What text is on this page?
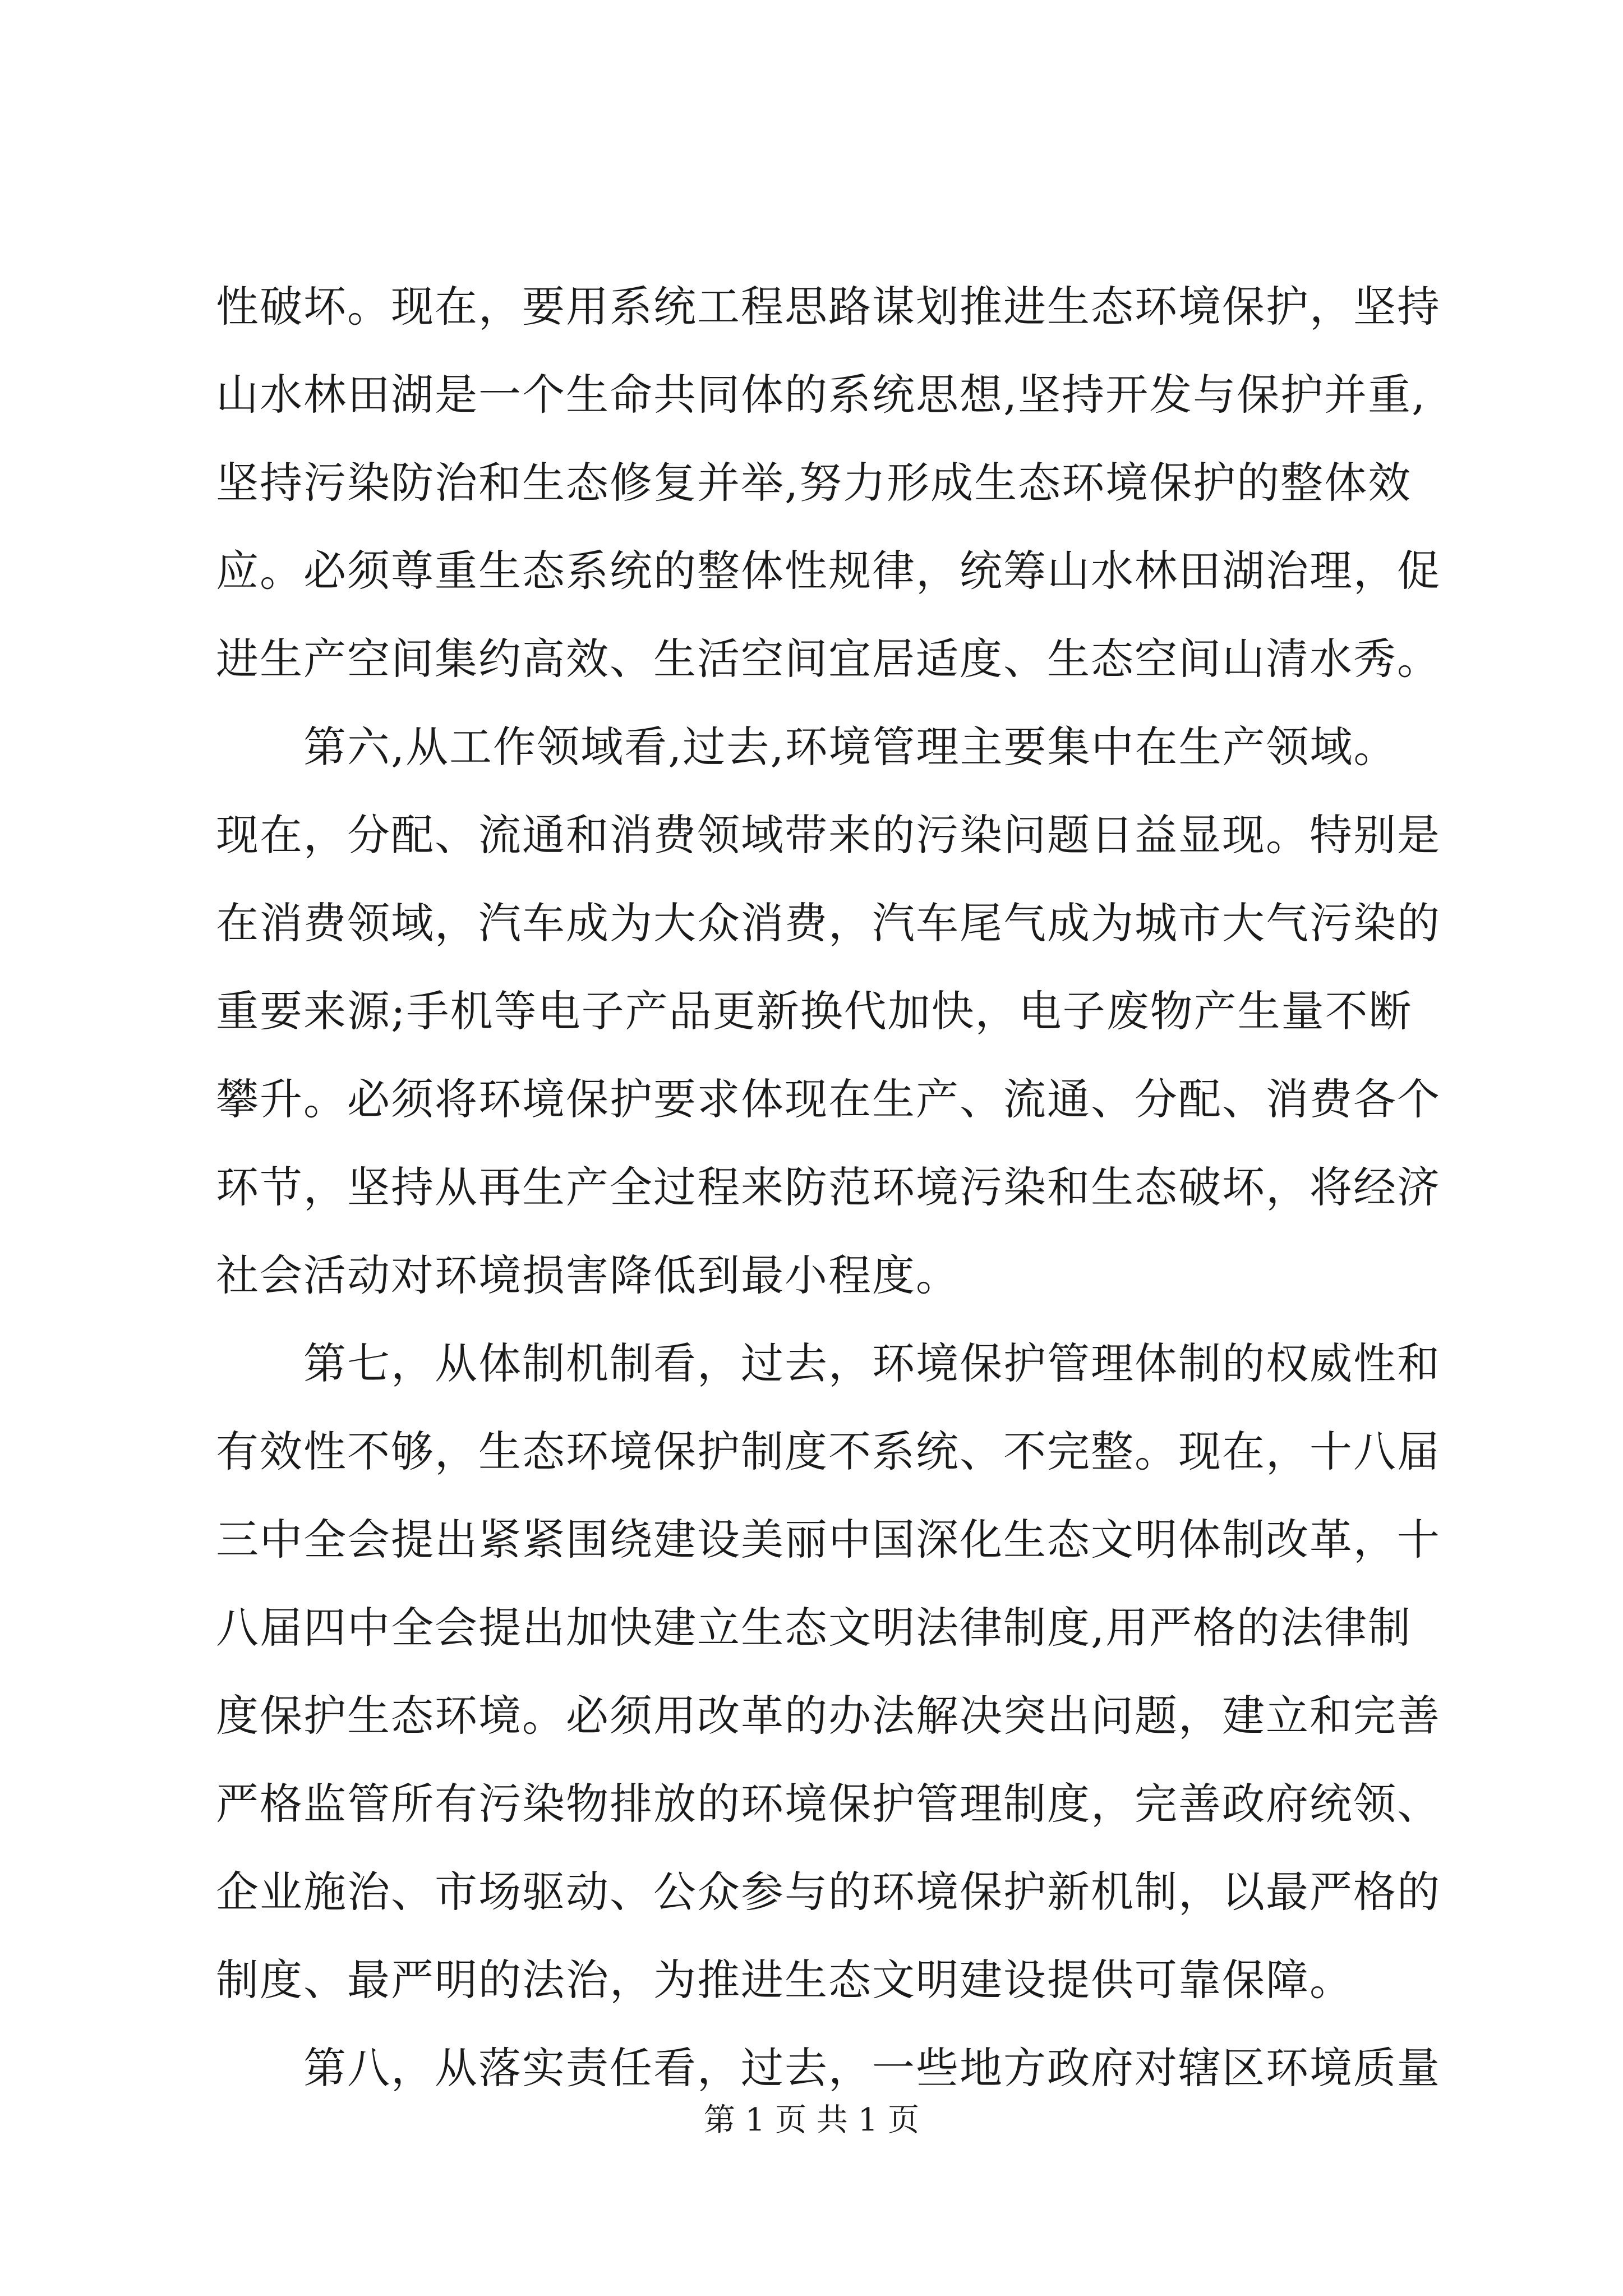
性破坏。现在，要用系统工程思路谋划推进生态环境保护，坚持
山水林田湖是一个生命共同体的系统思想,坚持开发与保护并重,
坚持污染防治和生态修复并举,努力形成生态环境保护的整体效
应。必须尊重生态系统的整体性规律，统筹山水林田湖治理，促
进生产空间集约高效、生活空间宜居适度、生态空间山清水秀。
　　第六,从工作领域看,过去,环境管理主要集中在生产领域。
现在，分配、流通和消费领域带来的污染问题日益显现。特别是
在消费领域，汽车成为大众消费，汽车尾气成为城市大气污染的
重要来源;手机等电子产品更新换代加快，电子废物产生量不断
攀升。必须将环境保护要求体现在生产、流通、分配、消费各个
环节，坚持从再生产全过程来防范环境污染和生态破坏，将经济
社会活动对环境损害降低到最小程度。
　　第七，从体制机制看，过去，环境保护管理体制的权威性和
有效性不够，生态环境保护制度不系统、不完整。现在，十八届
三中全会提出紧紧围绕建设美丽中国深化生态文明体制改革，十
八届四中全会提出加快建立生态文明法律制度,用严格的法律制
度保护生态环境。必须用改革的办法解决突出问题，建立和完善
严格监管所有污染物排放的环境保护管理制度，完善政府统领、
企业施治、市场驱动、公众参与的环境保护新机制，以最严格的
制度、最严明的法治，为推进生态文明建设提供可靠保障。
　　第八，从落实责任看，过去，一些地方政府对辖区环境质量
第 1 页 共 1 页
